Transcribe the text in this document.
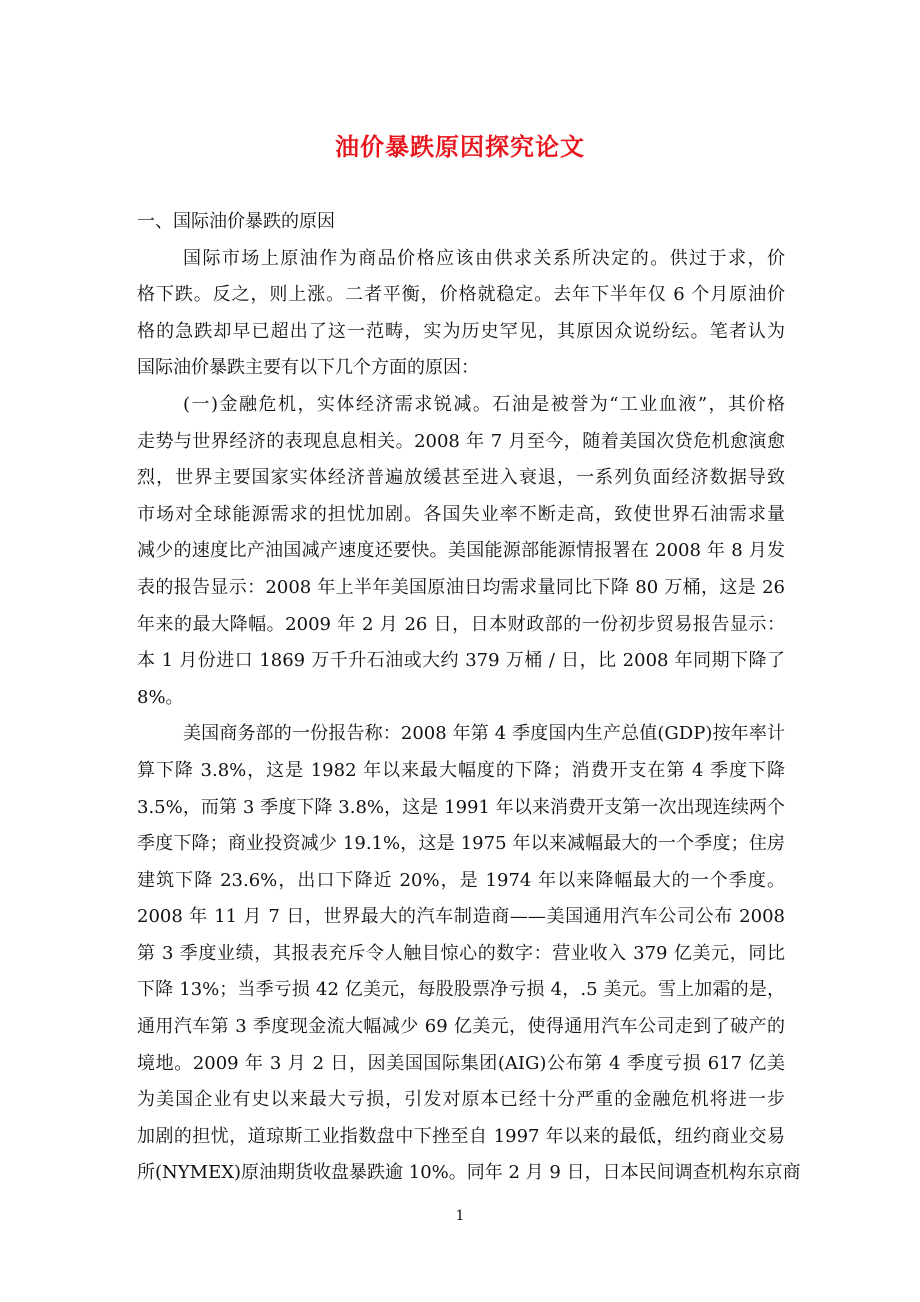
油价暴跌原因探究论文
一、国际油价暴跌的原因
国际市场上原油作为商品价格应该由供求关系所决定的。供过于求，价
格下跌。反之，则上涨。二者平衡，价格就稳定。去年下半年仅 6 个月原油价
格的急跌却早已超出了这一范畴，实为历史罕见，其原因众说纷纭。笔者认为
国际油价暴跌主要有以下几个方面的原因：
(一)金融危机，实体经济需求锐减。石油是被誉为“工业血液”，其价格
走势与世界经济的表现息息相关。2008 年 7 月至今，随着美国次贷危机愈演愈
烈，世界主要国家实体经济普遍放缓甚至进入衰退，一系列负面经济数据导致
市场对全球能源需求的担忧加剧。各国失业率不断走高，致使世界石油需求量
减少的速度比产油国减产速度还要快。美国能源部能源情报署在 2008 年 8 月发
表的报告显示：2008 年上半年美国原油日均需求量同比下降 80 万桶，这是 26
年来的最大降幅。2009 年 2 月 26 日，日本财政部的一份初步贸易报告显示：
本 1 月份进口 1869 万千升石油或大约 379 万桶 / 日，比 2008 年同期下降了
8%。
美国商务部的一份报告称：2008 年第 4 季度国内生产总值(GDP)按年率计
算下降 3.8%，这是 1982 年以来最大幅度的下降；消费开支在第 4 季度下降
3.5%，而第 3 季度下降 3.8%，这是 1991 年以来消费开支第一次出现连续两个
季度下降；商业投资减少 19.1%，这是 1975 年以来减幅最大的一个季度；住房
建筑下降 23.6%，出口下降近 20%，是 1974 年以来降幅最大的一个季度。
2008 年 11 月 7 日，世界最大的汽车制造商——美国通用汽车公司公布 2008
第 3 季度业绩，其报表充斥令人触目惊心的数字：营业收入 379 亿美元，同比
下降 13%；当季亏损 42 亿美元，每股股票净亏损 4，.5 美元。雪上加霜的是，
通用汽车第 3 季度现金流大幅减少 69 亿美元，使得通用汽车公司走到了破产的
境地。2009 年 3 月 2 日，因美国国际集团(AIG)公布第 4 季度亏损 617 亿美
为美国企业有史以来最大亏损，引发对原本已经十分严重的金融危机将进一步
加剧的担忧，道琼斯工业指数盘中下挫至自 1997 年以来的最低，纽约商业交易
所(NYMEX)原油期货收盘暴跌逾 10%。同年 2 月 9 日，日本民间调查机构东京商
1
